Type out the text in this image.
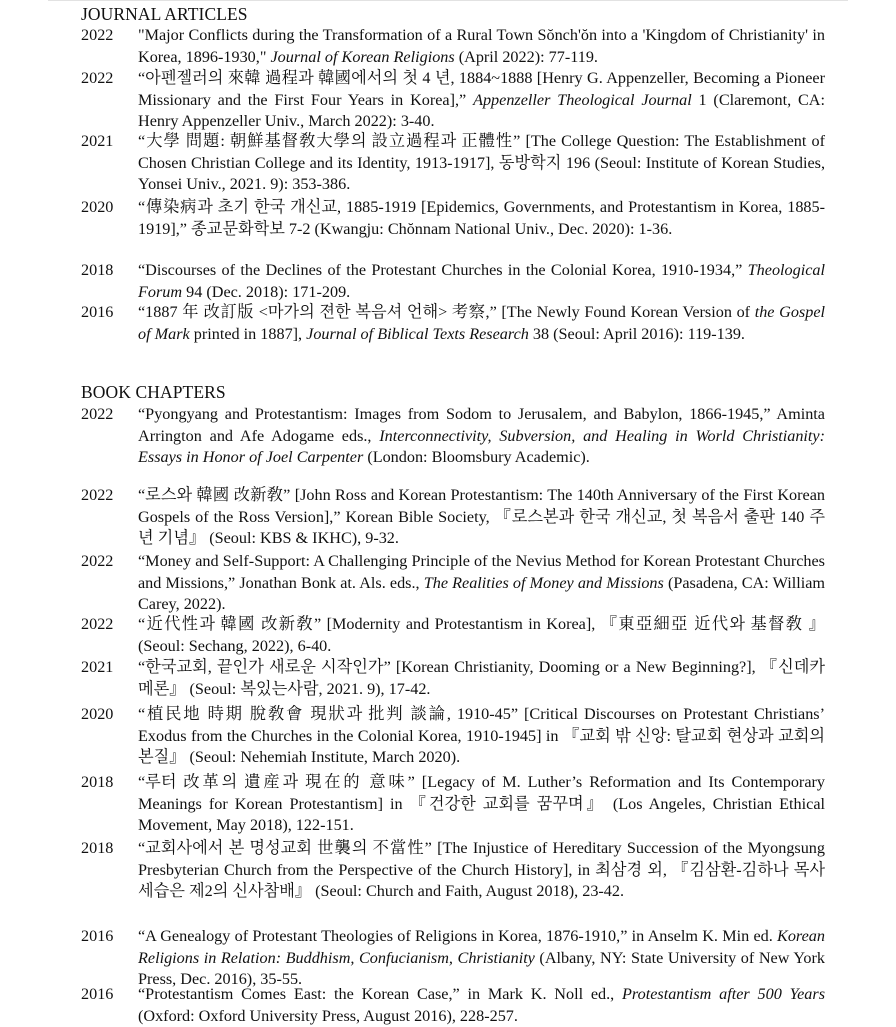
JOURNAL ARTICLES
2022	"Major Conflicts during the Transformation of a Rural Town Sŏnch'ŏn into a 'Kingdom of Christianity' in Korea, 1896-1930," Journal of Korean Religions (April 2022): 77-119.
2022	“아펜젤러의 來韓 過程과 韓國에서의 첫 4 년, 1884~1888 [Henry G. Appenzeller, Becoming a Pioneer Missionary and the First Four Years in Korea],” Appenzeller Theological Journal 1 (Claremont, CA: Henry Appenzeller Univ., March 2022): 3-40.
2021	“大學 問題: 朝鮮基督敎大學의 設立過程과 正體性” [The College Question: The Establishment of Chosen Christian College and its Identity, 1913-1917], 동방학지 196 (Seoul: Institute of Korean Studies, Yonsei Univ., 2021. 9): 353-386.
2020	“傳染病과 초기 한국 개신교, 1885-1919 [Epidemics, Governments, and Protestantism in Korea, 1885-1919],” 종교문화학보 7-2 (Kwangju: Chŏnnam National Univ., Dec. 2020): 1-36.
2018	“Discourses of the Declines of the Protestant Churches in the Colonial Korea, 1910-1934,” Theological Forum 94 (Dec. 2018): 171-209.
2016	“1887 年 改訂版 <마가의 젼한 복음셔 언해> 考察,” [The Newly Found Korean Version of the Gospel of Mark printed in 1887], Journal of Biblical Texts Research 38 (Seoul: April 2016): 119-139.
BOOK CHAPTERS
2022	“Pyongyang and Protestantism: Images from Sodom to Jerusalem, and Babylon, 1866-1945,” Aminta Arrington and Afe Adogame eds., Interconnectivity, Subversion, and Healing in World Christianity: Essays in Honor of Joel Carpenter (London: Bloomsbury Academic).
2022	“로스와 韓國 改新敎” [John Ross and Korean Protestantism: The 140th Anniversary of the First Korean Gospels of the Ross Version],” Korean Bible Society, 『로스본과 한국 개신교, 첫 복음서 출판 140 주년 기념』 (Seoul: KBS & IKHC), 9-32.
2022	“Money and Self-Support: A Challenging Principle of the Nevius Method for Korean Protestant Churches and Missions,” Jonathan Bonk at. Als. eds., The Realities of Money and Missions (Pasadena, CA: William Carey, 2022).
2022	“近代性과 韓國 改新敎” [Modernity and Protestantism in Korea], 『東亞細亞 近代와 基督敎 』 (Seoul: Sechang, 2022), 6-40.
2021	“한국교회, 끝인가 새로운 시작인가” [Korean Christianity, Dooming or a New Beginning?], 『신데카메론』 (Seoul: 복있는사람, 2021. 9), 17-42.
2020	“植民地 時期 脫敎會 現狀과 批判 談論, 1910-45” [Critical Discourses on Protestant Christians’ Exodus from the Churches in the Colonial Korea, 1910-1945] in 『교회 밖 신앙: 탈교회 현상과 교회의 본질』 (Seoul: Nehemiah Institute, March 2020).
2018	“루터 改革의 遺産과 現在的 意味” [Legacy of M. Luther’s Reformation and Its Contemporary Meanings for Korean Protestantism] in 『건강한 교회를 꿈꾸며』 (Los Angeles, Christian Ethical Movement, May 2018), 122-151.
2018	“교회사에서 본 명성교회 世襲의 不當性” [The Injustice of Hereditary Succession of the Myongsung Presbyterian Church from the Perspective of the Church History], in 최삼경 외, 『김삼환-김하나 목사 세습은 제2의 신사참배』 (Seoul: Church and Faith, August 2018), 23-42.
2016	“A Genealogy of Protestant Theologies of Religions in Korea, 1876-1910,” in Anselm K. Min ed. Korean Religions in Relation: Buddhism, Confucianism, Christianity (Albany, NY: State University of New York Press, Dec. 2016), 35-55.
2016	“Protestantism Comes East: the Korean Case,” in Mark K. Noll ed., Protestantism after 500 Years (Oxford: Oxford University Press, August 2016), 228-257.
